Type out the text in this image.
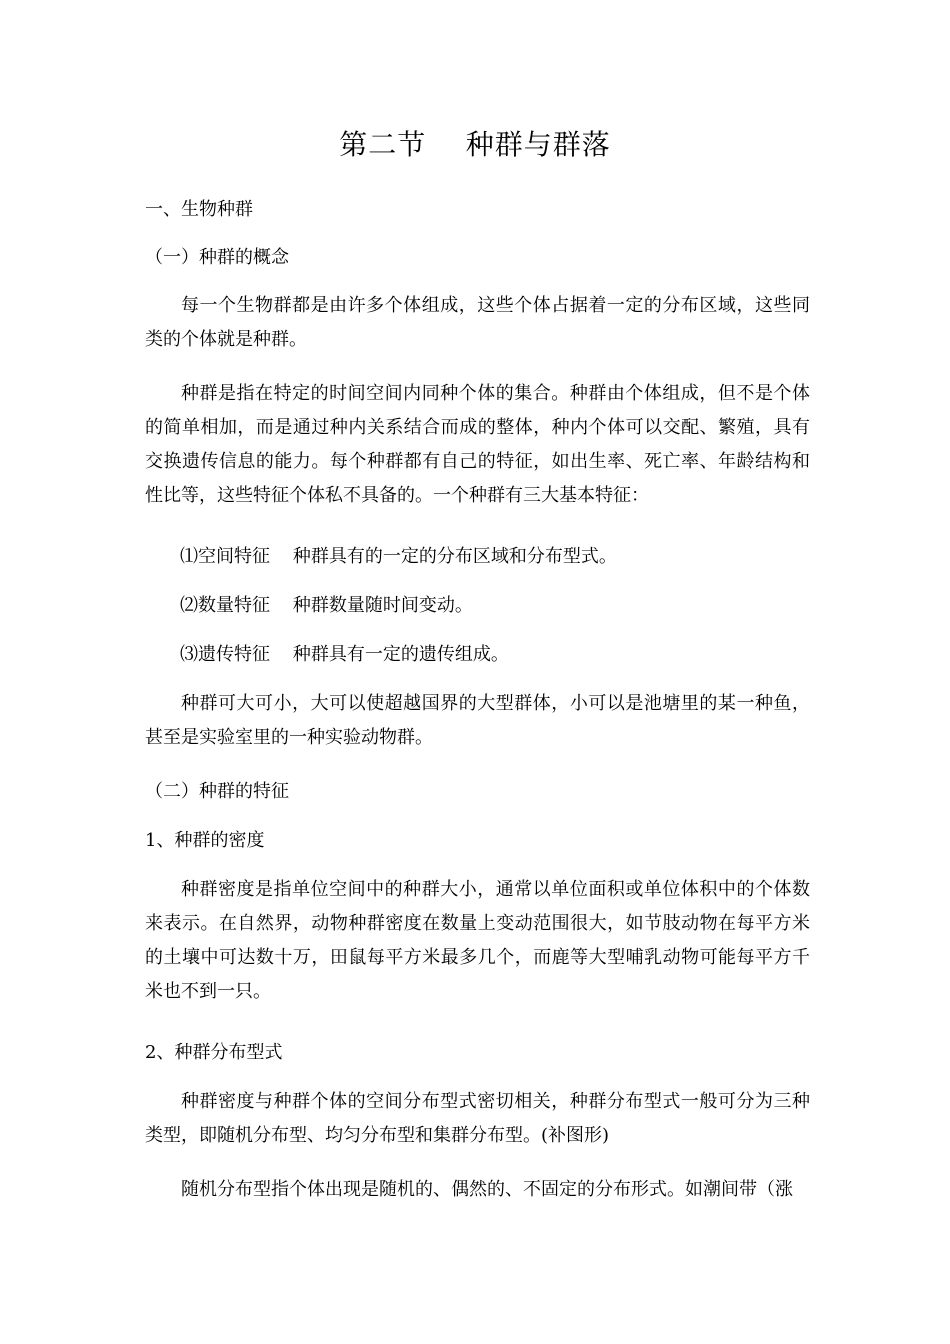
第二节    种群与群落
一、生物种群
（一）种群的概念
每一个生物群都是由许多个体组成，这些个体占据着一定的分布区域，这些同类的个体就是种群。
种群是指在特定的时间空间内同种个体的集合。种群由个体组成，但不是个体的简单相加，而是通过种内关系结合而成的整体，种内个体可以交配、繁殖，具有交换遗传信息的能力。每个种群都有自己的特征，如出生率、死亡率、年龄结构和性比等，这些特征个体私不具备的。一个种群有三大基本特征：
⑴空间特征    种群具有的一定的分布区域和分布型式。
⑵数量特征    种群数量随时间变动。
⑶遗传特征    种群具有一定的遗传组成。
种群可大可小，大可以使超越国界的大型群体，小可以是池塘里的某一种鱼，甚至是实验室里的一种实验动物群。
（二）种群的特征
1、种群的密度
种群密度是指单位空间中的种群大小，通常以单位面积或单位体积中的个体数来表示。在自然界，动物种群密度在数量上变动范围很大，如节肢动物在每平方米的土壤中可达数十万，田鼠每平方米最多几个，而鹿等大型哺乳动物可能每平方千米也不到一只。
2、种群分布型式
种群密度与种群个体的空间分布型式密切相关，种群分布型式一般可分为三种类型，即随机分布型、均匀分布型和集群分布型。(补图形)
随机分布型指个体出现是随机的、偶然的、不固定的分布形式。如潮间带（涨
